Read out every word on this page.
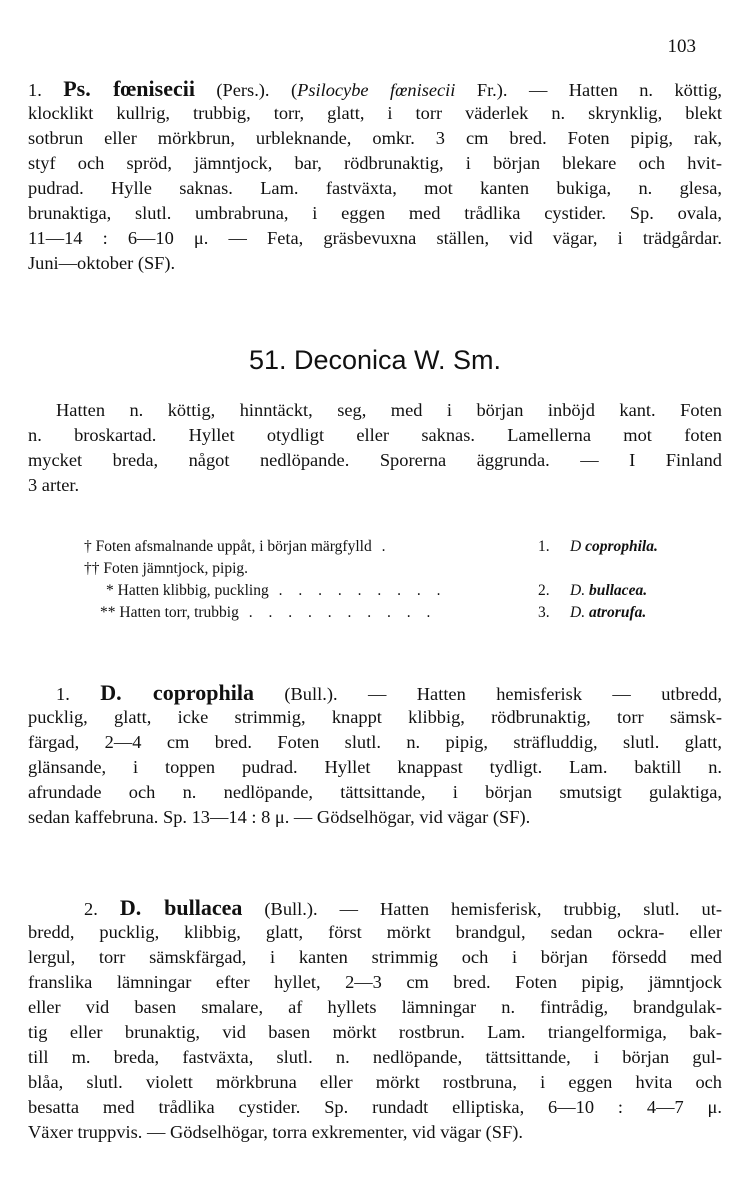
103
1. Ps. fœnisecii (Pers.). (Psilocybe fœnisecii Fr.). — Hatten n. köttig,
klocklikt kullrig, trubbig, torr, glatt, i torr väderlek n. skrynklig, blekt
sotbrun eller mörkbrun, urbleknande, omkr. 3 cm bred. Foten pipig, rak,
styf och spröd, jämntjock, bar, rödbrunaktig, i början blekare och hvit-
pudrad. Hylle saknas. Lam. fastväxta, mot kanten bukiga, n. glesa,
brunaktiga, slutl. umbrabruna, i eggen med trådlika cystider. Sp. ovala,
11—14 : 6—10 μ. — Feta, gräsbevuxna ställen, vid vägar, i trädgårdar.
Juni—oktober (SF).
51. Deconica W. Sm.
Hatten n. köttig, hinntäckt, seg, med i början inböjd kant. Foten
n. broskartad. Hyllet otydligt eller saknas. Lamellerna mot foten
mycket breda, något nedlöpande. Sporerna äggrunda. — I Finland
3 arter.
† Foten afsmalnande uppåt, i början märgfylld .	1. D coprophila.
†† Foten jämntjock, pipig.
* Hatten klibbig, puckling . . . . . . . . .	2. D. bullacea.
** Hatten torr, trubbig . . . . . . . . . .	3. D. atrorufa.
1. D. coprophila (Bull.). — Hatten hemisferisk — utbredd,
pucklig, glatt, icke strimmig, knappt klibbig, rödbrunaktig, torr sämsk-
färgad, 2—4 cm bred. Foten slutl. n. pipig, sträfluddig, slutl. glatt,
glänsande, i toppen pudrad. Hyllet knappast tydligt. Lam. baktill n.
afrundade och n. nedlöpande, tättsittande, i början smutsigt gulaktiga,
sedan kaffebruna. Sp. 13—14 : 8 μ. — Gödselhögar, vid vägar (SF).
2. D. bullacea (Bull.). — Hatten hemisferisk, trubbig, slutl. ut-
bredd, pucklig, klibbig, glatt, först mörkt brandgul, sedan ockra- eller
lergul, torr sämskfärgad, i kanten strimmig och i början försedd med
franslika lämningar efter hyllet, 2—3 cm bred. Foten pipig, jämntjock
eller vid basen smalare, af hyllets lämningar n. fintrådig, brandgulak-
tig eller brunaktig, vid basen mörkt rostbrun. Lam. triangelformiga, bak-
till m. breda, fastväxta, slutl. n. nedlöpande, tättsittande, i början gul-
blåa, slutl. violett mörkbruna eller mörkt rostbruna, i eggen hvita och
besatta med trådlika cystider. Sp. rundadt elliptiska, 6—10 : 4—7 μ.
Växer truppvis. — Gödselhögar, torra exkrementer, vid vägar (SF).
